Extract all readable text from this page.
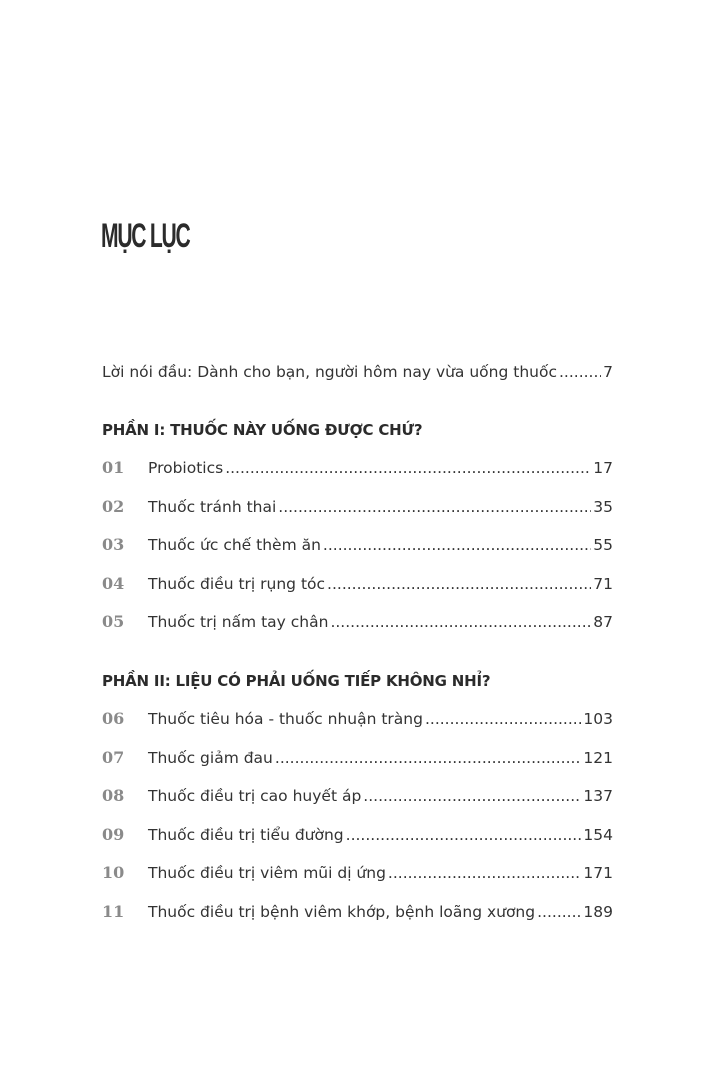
MỤC LỤC
Lời nói đầu: Dành cho bạn, người hôm nay vừa uống thuốc .....	7
PHẦN I: THUỐC NÀY UỐNG ĐƯỢC CHỨ?
01	Probiotics .....	17
02	Thuốc tránh thai .....	35
03	Thuốc ức chế thèm ăn .....	55
04	Thuốc điều trị rụng tóc .....	71
05	Thuốc trị nấm tay chân .....	87
PHẦN II: LIỆU CÓ PHẢI UỐNG TIẾP KHÔNG NHỈ?
06	Thuốc tiêu hóa - thuốc nhuận tràng .....	103
07	Thuốc giảm đau .....	121
08	Thuốc điều trị cao huyết áp .....	137
09	Thuốc điều trị tiểu đường .....	154
10	Thuốc điều trị viêm mũi dị ứng .....	171
11	Thuốc điều trị bệnh viêm khớp, bệnh loãng xương .....	189
